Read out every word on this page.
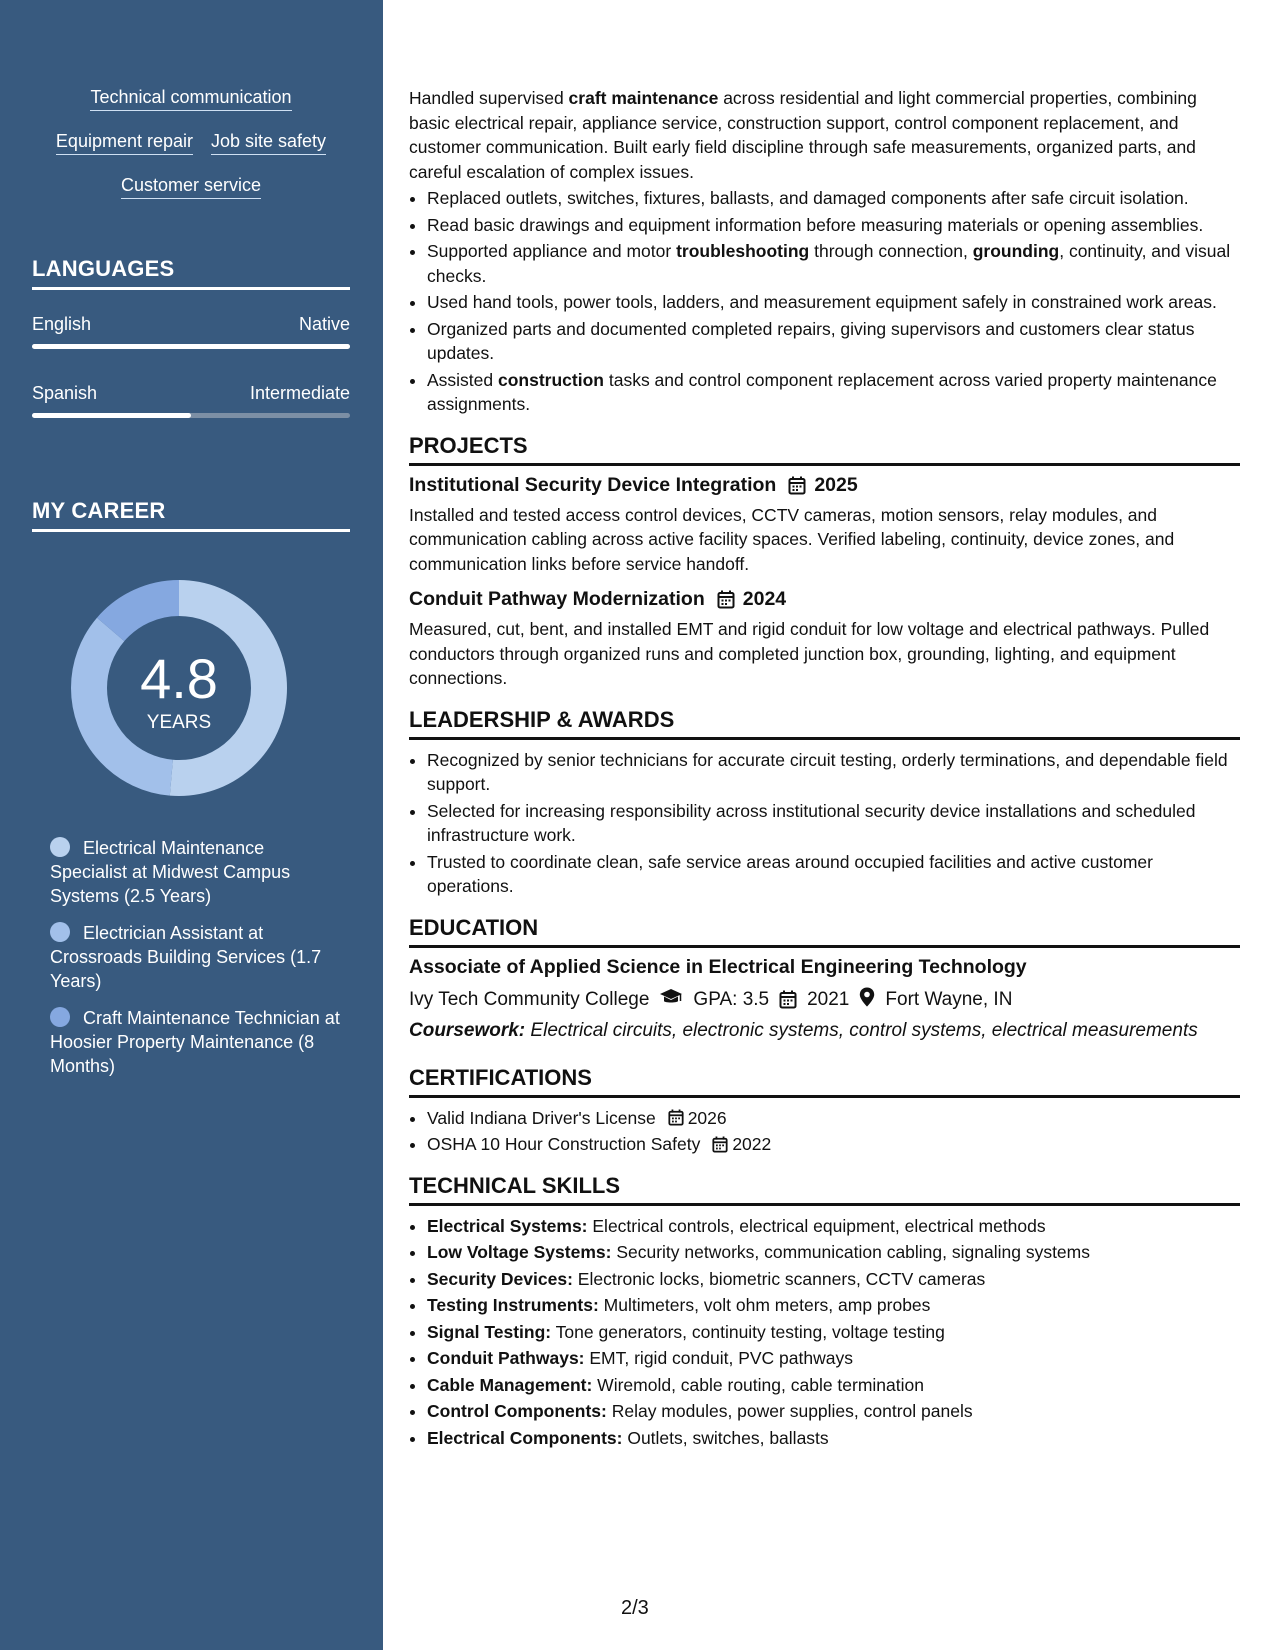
Technical communication
Equipment repair Job site safety
Customer service
LANGUAGES
English	Native
Spanish	Intermediate
MY CAREER
4.8
YEARS
Electrical Maintenance Specialist at Midwest Campus Systems (2.5 Years)
Electrician Assistant at Crossroads Building Services (1.7 Years)
Craft Maintenance Technician at Hoosier Property Maintenance (8 Months)

Handled supervised craft maintenance across residential and light commercial properties, combining basic electrical repair, appliance service, construction support, control component replacement, and customer communication. Built early field discipline through safe measurements, organized parts, and careful escalation of complex issues.

• Replaced outlets, switches, fixtures, ballasts, and damaged components after safe circuit isolation.
• Read basic drawings and equipment information before measuring materials or opening assemblies.
• Supported appliance and motor troubleshooting through connection, grounding, continuity, and visual checks.
• Used hand tools, power tools, ladders, and measurement equipment safely in constrained work areas.
• Organized parts and documented completed repairs, giving supervisors and customers clear status updates.
• Assisted construction tasks and control component replacement across varied property maintenance assignments.
PROJECTS
Institutional Security Device Integration 2025

Installed and tested access control devices, CCTV cameras, motion sensors, relay modules, and communication cabling across active facility spaces. Verified labeling, continuity, device zones, and communication links before service handoff.

Conduit Pathway Modernization 2024

Measured, cut, bent, and installed EMT and rigid conduit for low voltage and electrical pathways. Pulled conductors through organized runs and completed junction box, grounding, lighting, and equipment connections.

LEADERSHIP & AWARDS
• Recognized by senior technicians for accurate circuit testing, orderly terminations, and dependable field support.
• Selected for increasing responsibility across institutional security device installations and scheduled infrastructure work.
• Trusted to coordinate clean, safe service areas around occupied facilities and active customer operations.
EDUCATION
Associate of Applied Science in Electrical Engineering Technology
Ivy Tech Community College GPA: 3.5 2021 Fort Wayne, IN
Coursework: Electrical circuits, electronic systems, control systems, electrical measurements
CERTIFICATIONS
• Valid Indiana Driver's License 2026
• OSHA 10 Hour Construction Safety 2022
TECHNICAL SKILLS
• Electrical Systems: Electrical controls, electrical equipment, electrical methods
• Low Voltage Systems: Security networks, communication cabling, signaling systems
• Security Devices: Electronic locks, biometric scanners, CCTV cameras
• Testing Instruments: Multimeters, volt ohm meters, amp probes
• Signal Testing: Tone generators, continuity testing, voltage testing
• Conduit Pathways: EMT, rigid conduit, PVC pathways
• Cable Management: Wiremold, cable routing, cable termination
• Control Components: Relay modules, power supplies, control panels
• Electrical Components: Outlets, switches, ballasts
2/3
